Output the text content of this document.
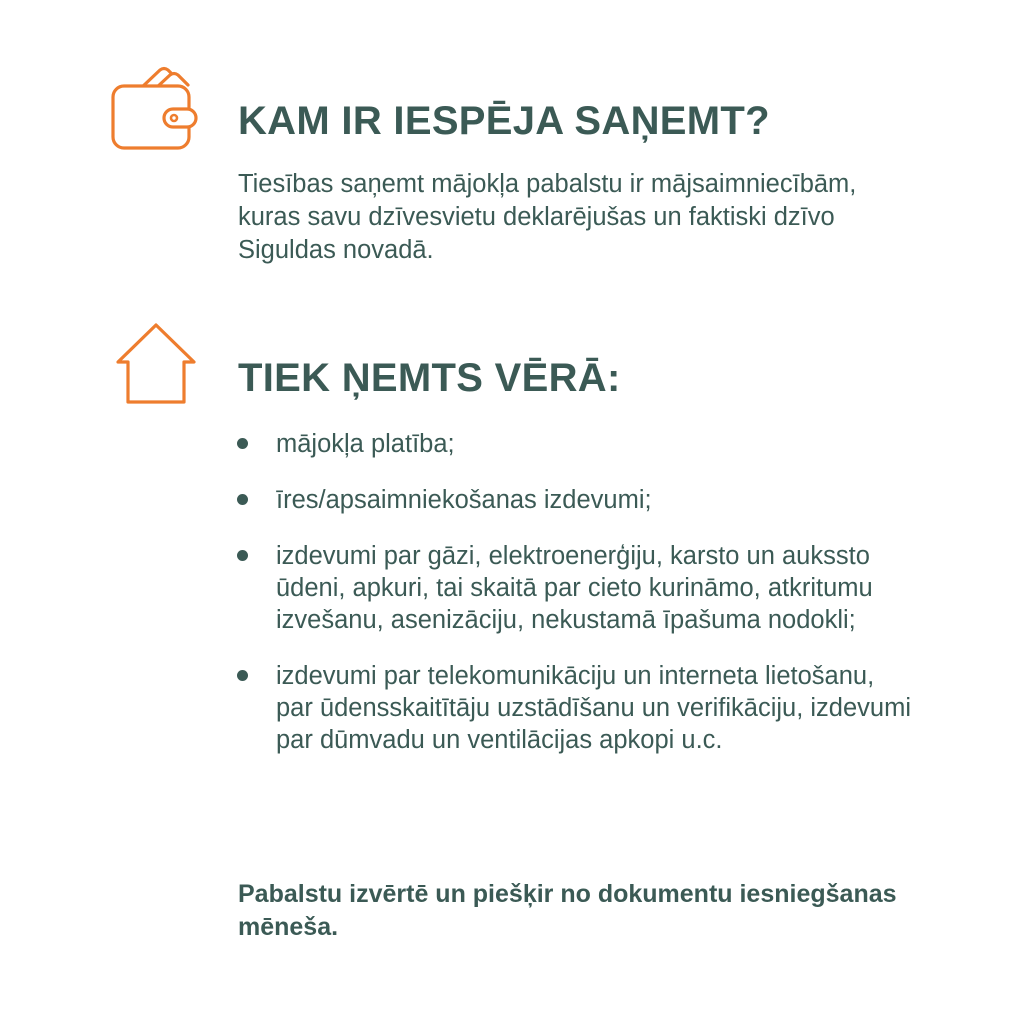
KAM IR IESPĒJA SAŅEMT?

Tiesības saņemt mājokļa pabalstu ir mājsaimniecībām, kuras savu dzīvesvietu deklarējušas un faktiski dzīvo Siguldas novadā.

TIEK ŅEMTS VĒRĀ:
mājokļa platība;
īres/apsaimniekošanas izdevumi;
izdevumi par gāzi, elektroenerģiju, karsto un aukssto ūdeni, apkuri, tai skaitā par cieto kurināmo, atkritumu izvešanu, asenizāciju, nekustamā īpašuma nodokli;
izdevumi par telekomunikāciju un interneta lietošanu, par ūdensskaitītāju uzstādīšanu un verifikāciju, izdevumi par dūmvadu un ventilācijas apkopi u.c.

Pabalstu izvērtē un piešķir no dokumentu iesniegšanas mēneša.
